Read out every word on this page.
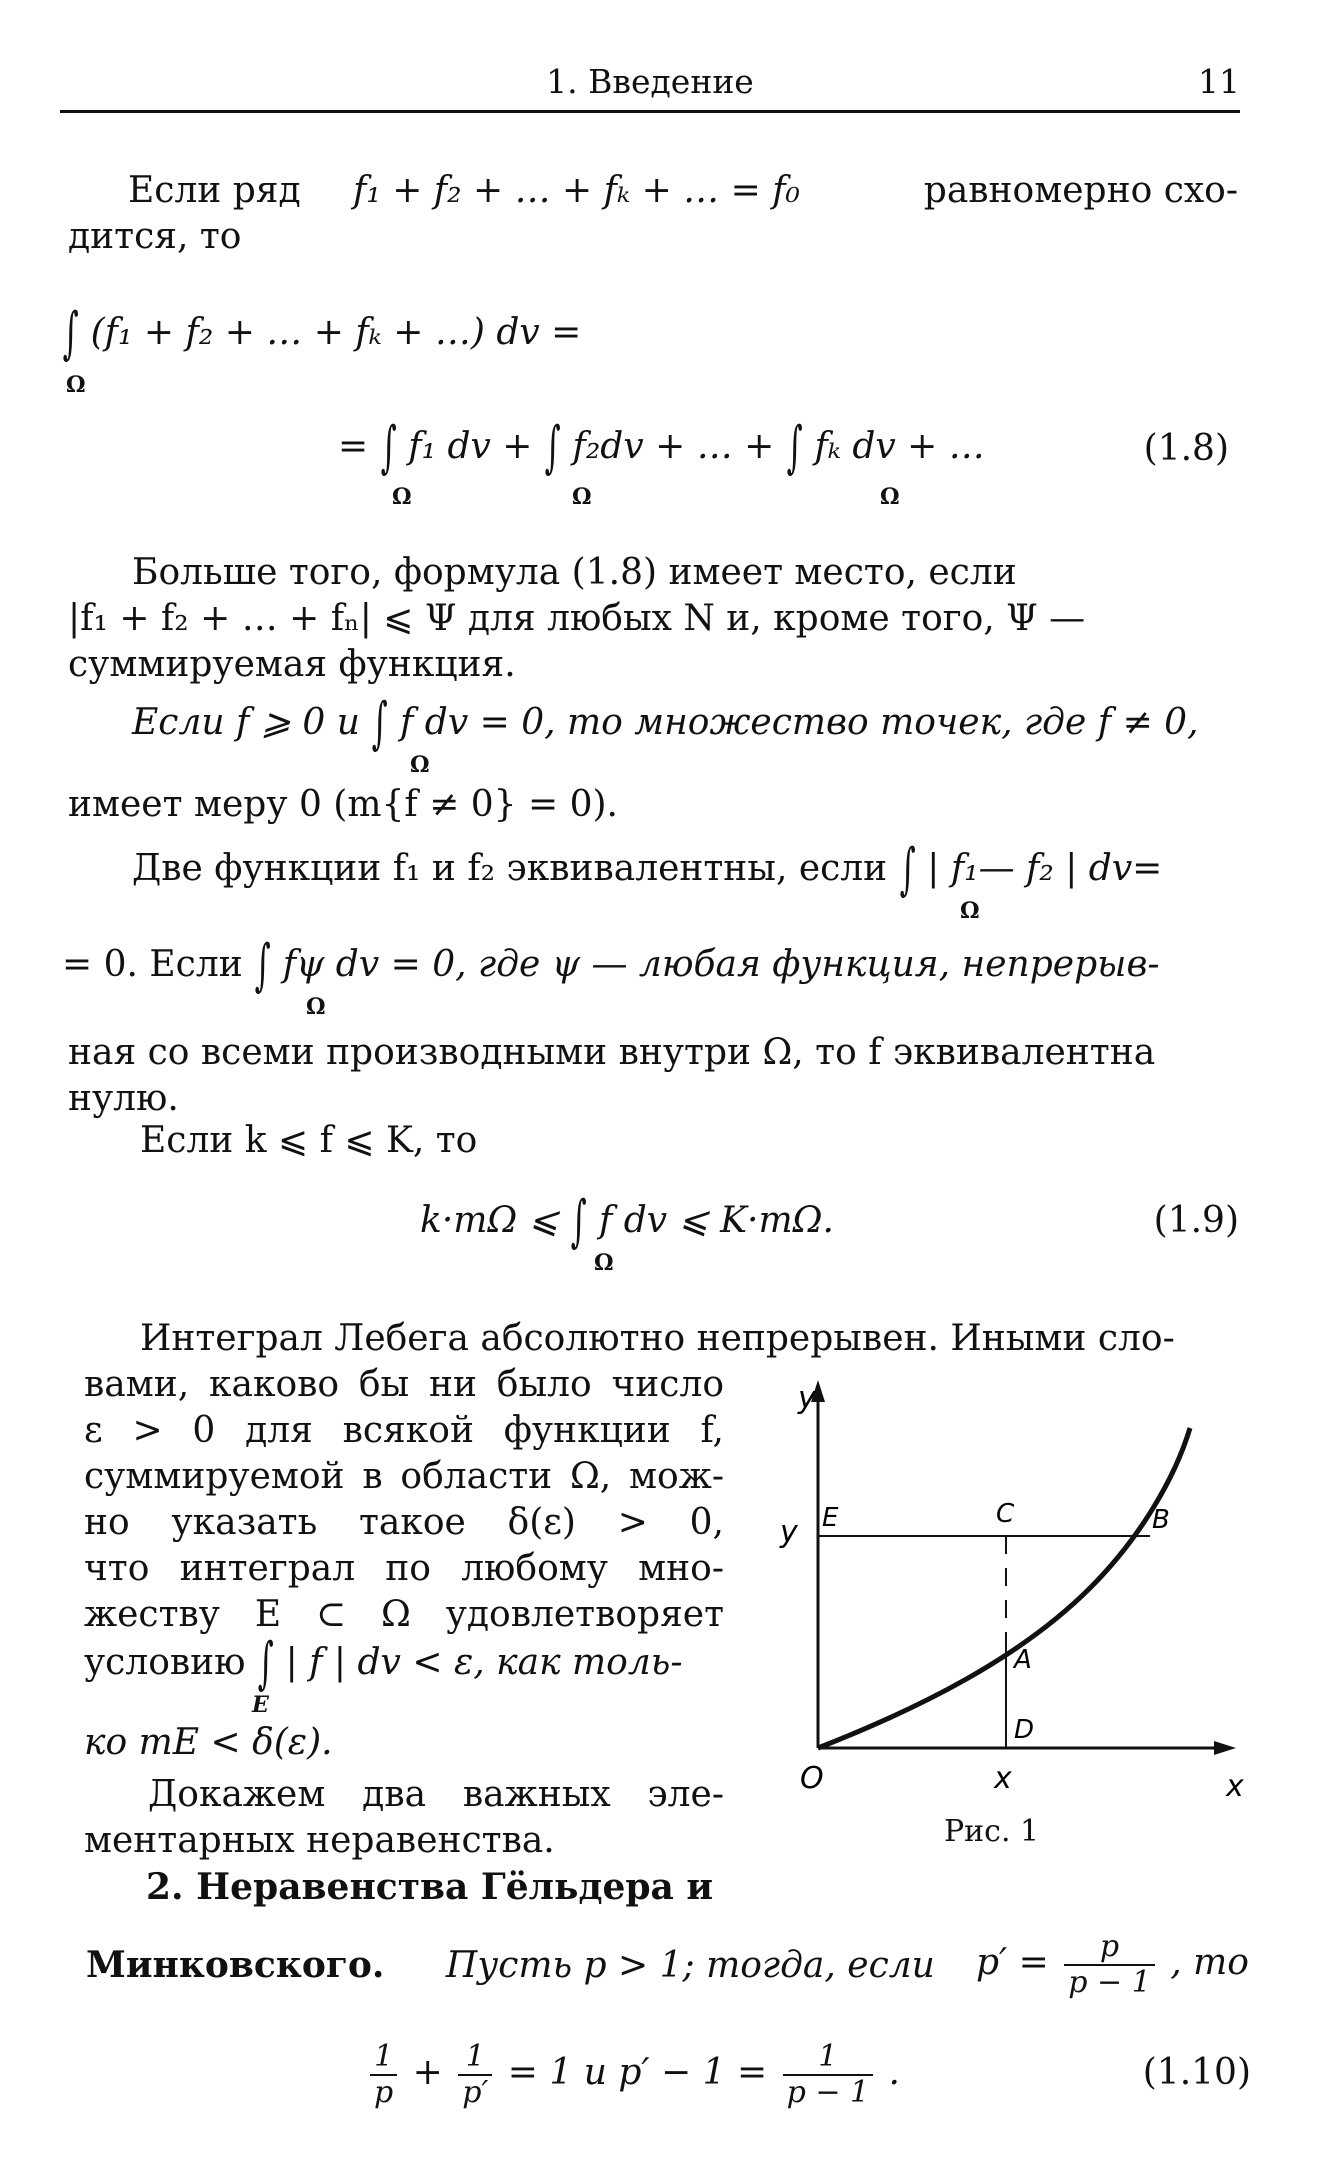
1. Введение	11
Если ряд f₁ + f₂ + … + fₖ + … = f₀	равномерно схо-
дится, то
∫ (f₁ + f₂ + … + fₖ + …) dv =
Ω
= ∫ f₁ dv + ∫ f₂dv + … + ∫ fₖ dv + …
Ω	Ω	Ω
(1.8)
Больше того, формула (1.8) имеет место, если
|f₁ + f₂ + … + fₙ| ⩽ Ψ для любых N и, кроме того, Ψ —
суммируемая функция.
Если f ⩾ 0 и ∫ f dv = 0, то множество точек, где f ≠ 0,
Ω
имеет меру 0 (m{f ≠ 0} = 0).
Две функции f₁ и f₂ эквивалентны, если ∫ | f₁— f₂ | dv=
Ω
= 0. Если ∫ fψ dv = 0, где ψ — любая функция, непрерыв-
Ω
ная со всеми производными внутри Ω, то f эквивалентна
нулю.
Если k ⩽ f ⩽ K, то
k·mΩ ⩽ ∫ f dv ⩽ K·mΩ.
Ω
(1.9)
Интеграл Лебега абсолютно непрерывен. Иными сло-
вами, каково бы ни было число
ε > 0 для всякой функции f,
суммируемой в области Ω, мож-
но указать такое δ(ε) > 0,
что интеграл по любому мно-
жеству E ⊂ Ω удовлетворяет
условию ∫ | f | dv < ε, как толь-
E
ко mE < δ(ε).
Докажем два важных эле-
ментарных неравенства.
2. Неравенства Гёльдера и
Минковского. Пусть p > 1; тогда, если $p' = \frac{p}{p - 1}$ , то
$\frac{1}{p} + \frac{1}{p'} = 1$ и $p' - 1 = \frac{1}{p - 1}$ .	(1.10)
y
x
E	C	B
A
D
y
O	x
Рис. 1
